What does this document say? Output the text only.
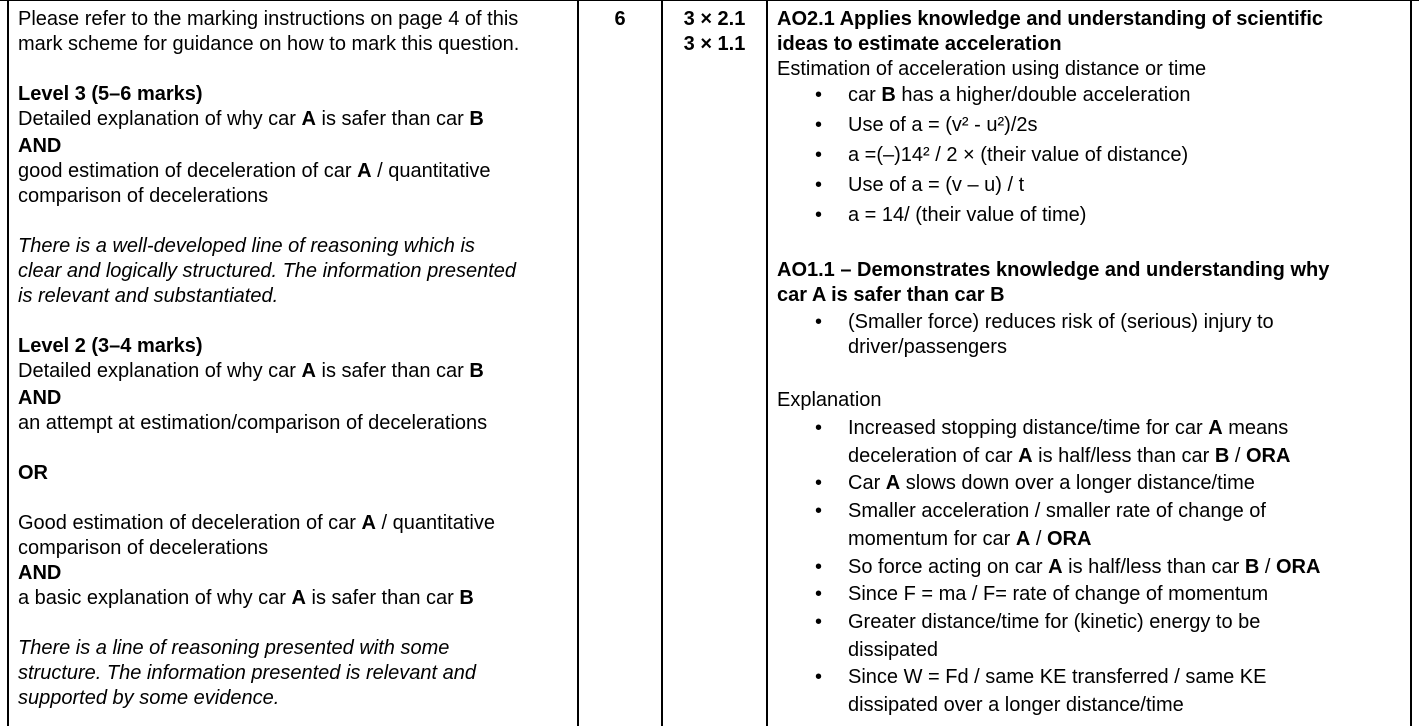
Please refer to the marking instructions on page 4 of this

mark scheme for guidance on how to mark this question.

Level 3 (5–6 marks)

Detailed explanation of why car A is safer than car B

AND

good estimation of deceleration of car A / quantitative

comparison of decelerations

There is a well-developed line of reasoning which is

clear and logically structured. The information presented

is relevant and substantiated.

Level 2 (3–4 marks)

Detailed explanation of why car A is safer than car B

AND

an attempt at estimation/comparison of decelerations

OR

Good estimation of deceleration of car A / quantitative

comparison of decelerations

AND

a basic explanation of why car A is safer than car B

There is a line of reasoning presented with some

structure. The information presented is relevant and

supported by some evidence.

6	3 × 2.1

3 × 1.1

AO2.1 Applies knowledge and understanding of scientific

ideas to estimate acceleration

Estimation of acceleration using distance or time

• car B has a higher/double acceleration
• Use of a = (v² - u²)/2s
• a =(–)14² / 2 × (their value of distance)
• Use of a = (v – u) / t
• a = 14/ (their value of time)

AO1.1 – Demonstrates knowledge and understanding why

car A is safer than car B

• (Smaller force) reduces risk of (serious) injury to
driver/passengers

Explanation

• Increased stopping distance/time for car A means
deceleration of car A is half/less than car B / ORA
• Car A slows down over a longer distance/time
• Smaller acceleration / smaller rate of change of
momentum for car A / ORA
• So force acting on car A is half/less than car B / ORA
• Since F = ma / F= rate of change of momentum
• Greater distance/time for (kinetic) energy to be
dissipated
• Since W = Fd / same KE transferred / same KE
dissipated over a longer distance/time
